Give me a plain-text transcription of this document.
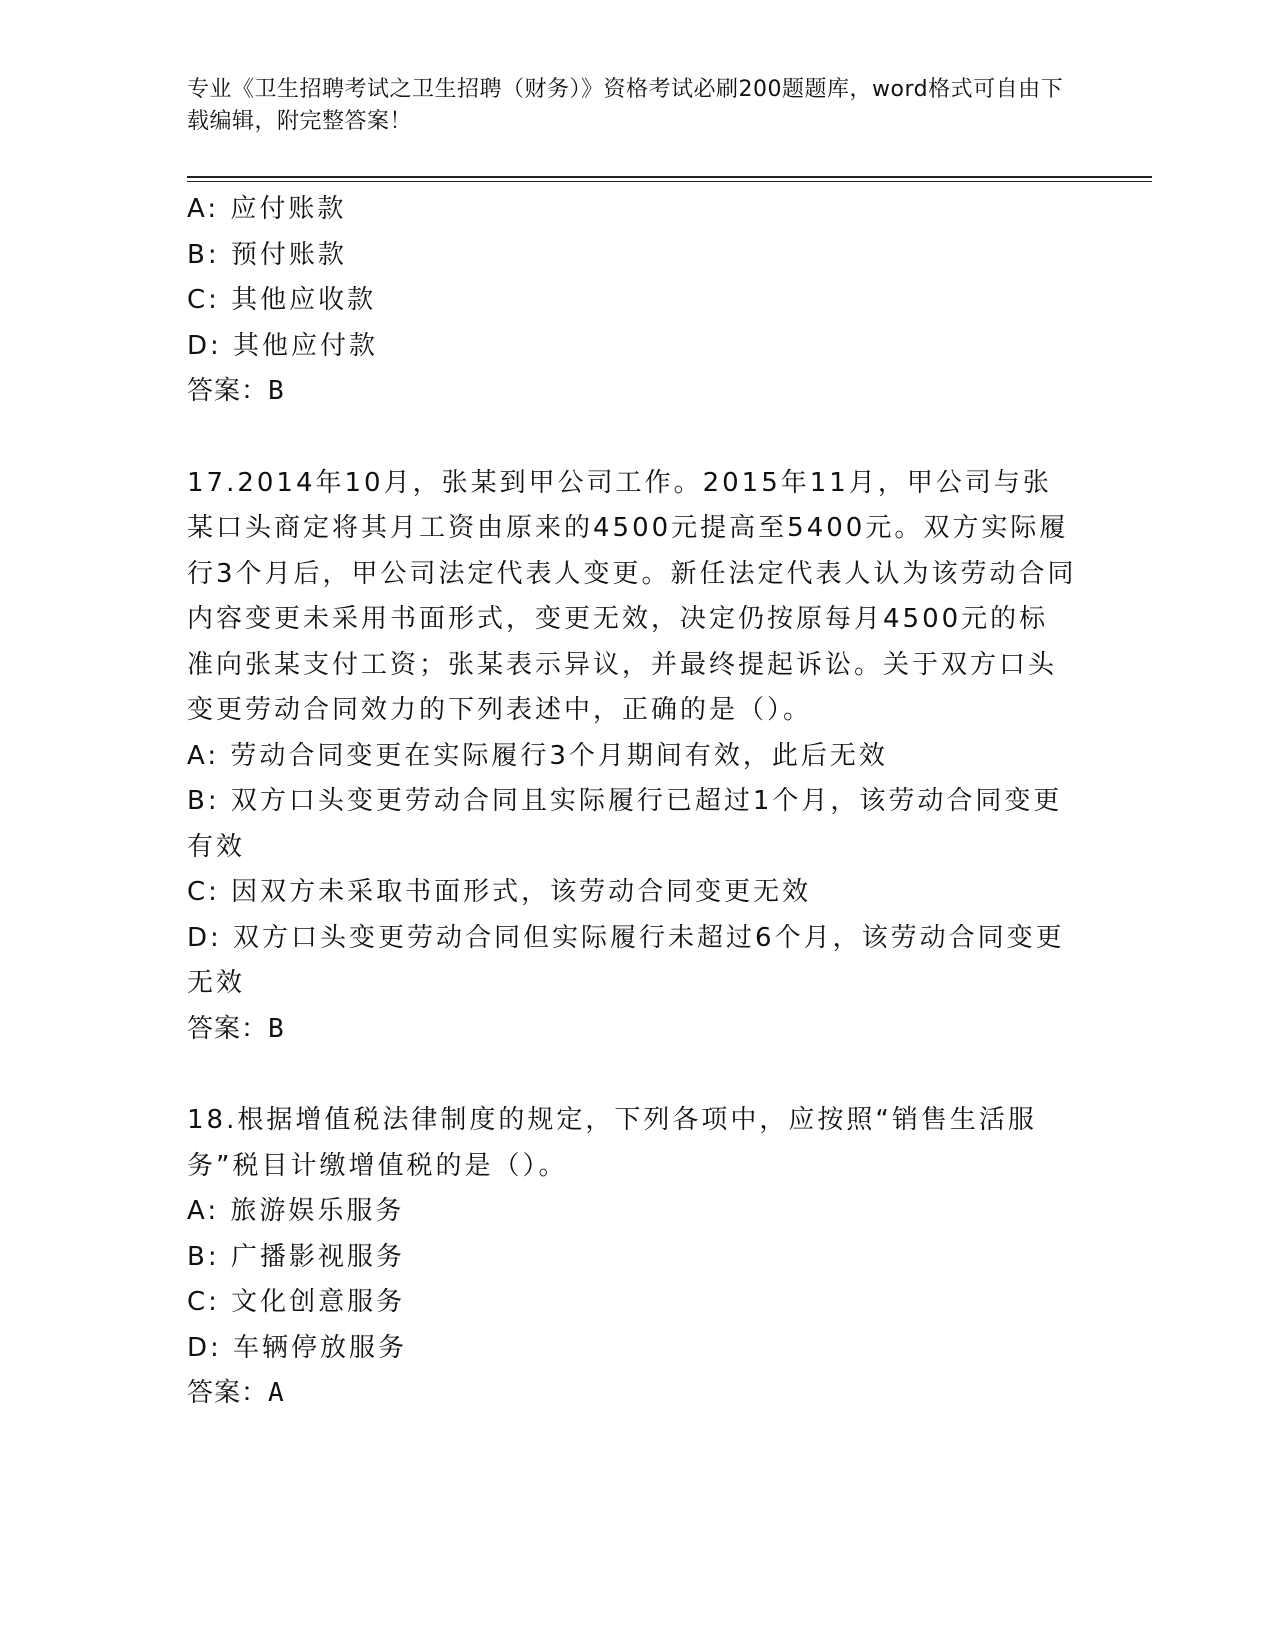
专业《卫生招聘考试之卫生招聘（财务）》资格考试必刷200题题库，word格式可自由下载编辑，附完整答案！

A: 应付账款

B: 预付账款

C: 其他应收款

D: 其他应付款

答案：B

17.2014年10月，张某到甲公司工作。2015年11月，甲公司与张某口头商定将其月工资由原来的4500元提高至5400元。双方实际履行3个月后，甲公司法定代表人变更。新任法定代表人认为该劳动合同内容变更未采用书面形式，变更无效，决定仍按原每月4500元的标准向张某支付工资；张某表示异议，并最终提起诉讼。关于双方口头变更劳动合同效力的下列表述中，正确的是（）。

A: 劳动合同变更在实际履行3个月期间有效，此后无效

B: 双方口头变更劳动合同且实际履行已超过1个月，该劳动合同变更有效

C: 因双方未采取书面形式，该劳动合同变更无效

D: 双方口头变更劳动合同但实际履行未超过6个月，该劳动合同变更无效

答案：B

18.根据增值税法律制度的规定，下列各项中，应按照“销售生活服务”税目计缴增值税的是（）。

A: 旅游娱乐服务

B: 广播影视服务

C: 文化创意服务

D: 车辆停放服务

答案：A
